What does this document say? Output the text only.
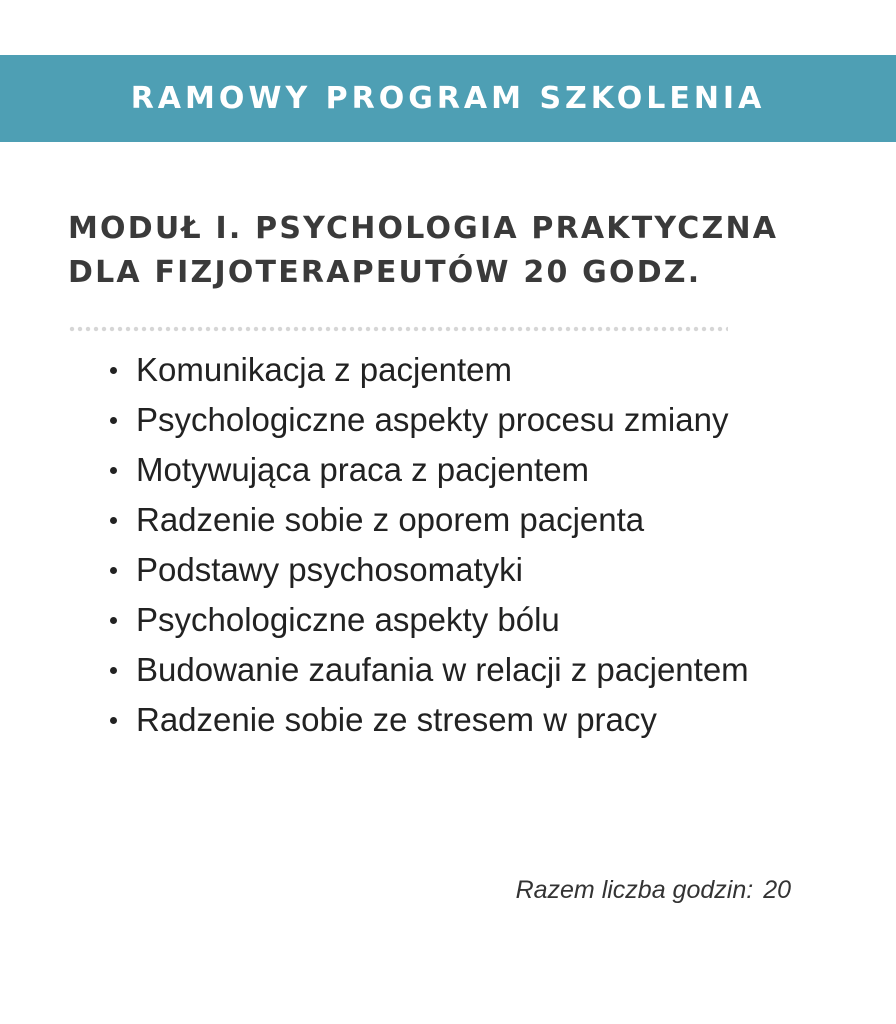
RAMOWY PROGRAM SZKOLENIA
MODUŁ I. PSYCHOLOGIA PRAKTYCZNA
DLA FIZJOTERAPEUTÓW 20 GODZ.
Komunikacja z pacjentem
Psychologiczne aspekty procesu zmiany
Motywująca praca z pacjentem
Radzenie sobie z oporem pacjenta
Podstawy psychosomatyki
Psychologiczne aspekty bólu
Budowanie zaufania w relacji z pacjentem
Radzenie sobie ze stresem w pracy
Razem liczba godzin: 20
